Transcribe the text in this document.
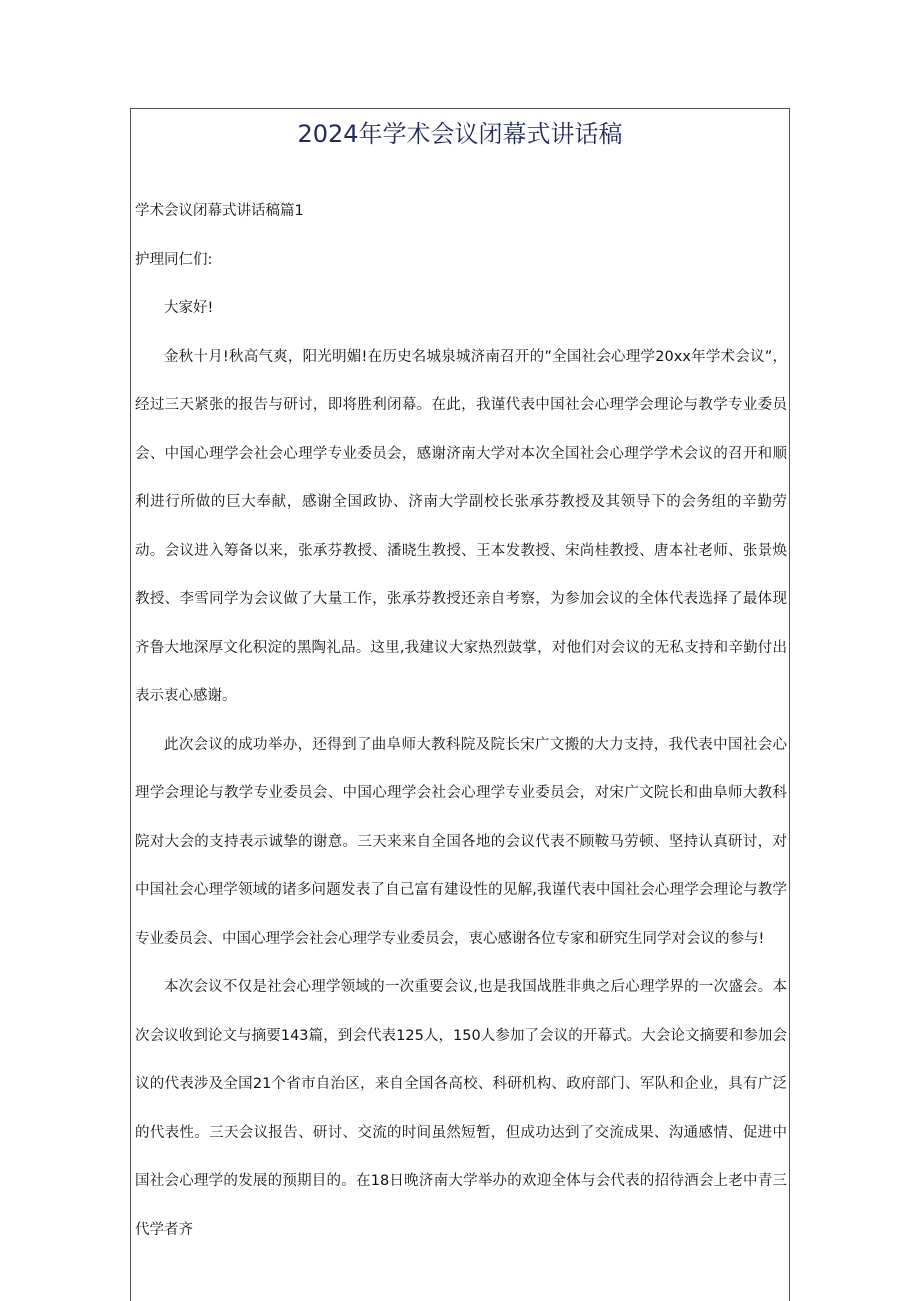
2024年学术会议闭幕式讲话稿

学术会议闭幕式讲话稿篇1

护理同仁们:

大家好!

金秋十月!秋高气爽，阳光明媚!在历史名城泉城济南召开的”全国社会心理学20xx年学术会议”，经过三天紧张的报告与研讨，即将胜利闭幕。在此，我谨代表中国社会心理学会理论与教学专业委员会、中国心理学会社会心理学专业委员会，感谢济南大学对本次全国社会心理学学术会议的召开和顺利进行所做的巨大奉献，感谢全国政协、济南大学副校长张承芬教授及其领导下的会务组的辛勤劳动。会议进入筹备以来，张承芬教授、潘晓生教授、王本发教授、宋尚桂教授、唐本社老师、张景焕教授、李雪同学为会议做了大量工作，张承芬教授还亲自考察，为参加会议的全体代表选择了最体现齐鲁大地深厚文化积淀的黑陶礼品。这里,我建议大家热烈鼓掌，对他们对会议的无私支持和辛勤付出表示衷心感谢。

此次会议的成功举办，还得到了曲阜师大教科院及院长宋广文搬的大力支持，我代表中国社会心理学会理论与教学专业委员会、中国心理学会社会心理学专业委员会，对宋广文院长和曲阜师大教科院对大会的支持表示诚挚的谢意。三天来来自全国各地的会议代表不顾鞍马劳顿、坚持认真研讨，对中国社会心理学领域的诸多问题发表了自己富有建设性的见解,我谨代表中国社会心理学会理论与教学专业委员会、中国心理学会社会心理学专业委员会，衷心感谢各位专家和研究生同学对会议的参与!

本次会议不仅是社会心理学领域的一次重要会议,也是我国战胜非典之后心理学界的一次盛会。本次会议收到论文与摘要143篇，到会代表125人，150人参加了会议的开幕式。大会论文摘要和参加会议的代表涉及全国21个省市自治区，来自全国各高校、科研机构、政府部门、军队和企业，具有广泛的代表性。三天会议报告、研讨、交流的时间虽然短暂，但成功达到了交流成果、沟通感情、促进中国社会心理学的发展的预期目的。在18日晚济南大学举办的欢迎全体与会代表的招待酒会上老中青三代学者齐
